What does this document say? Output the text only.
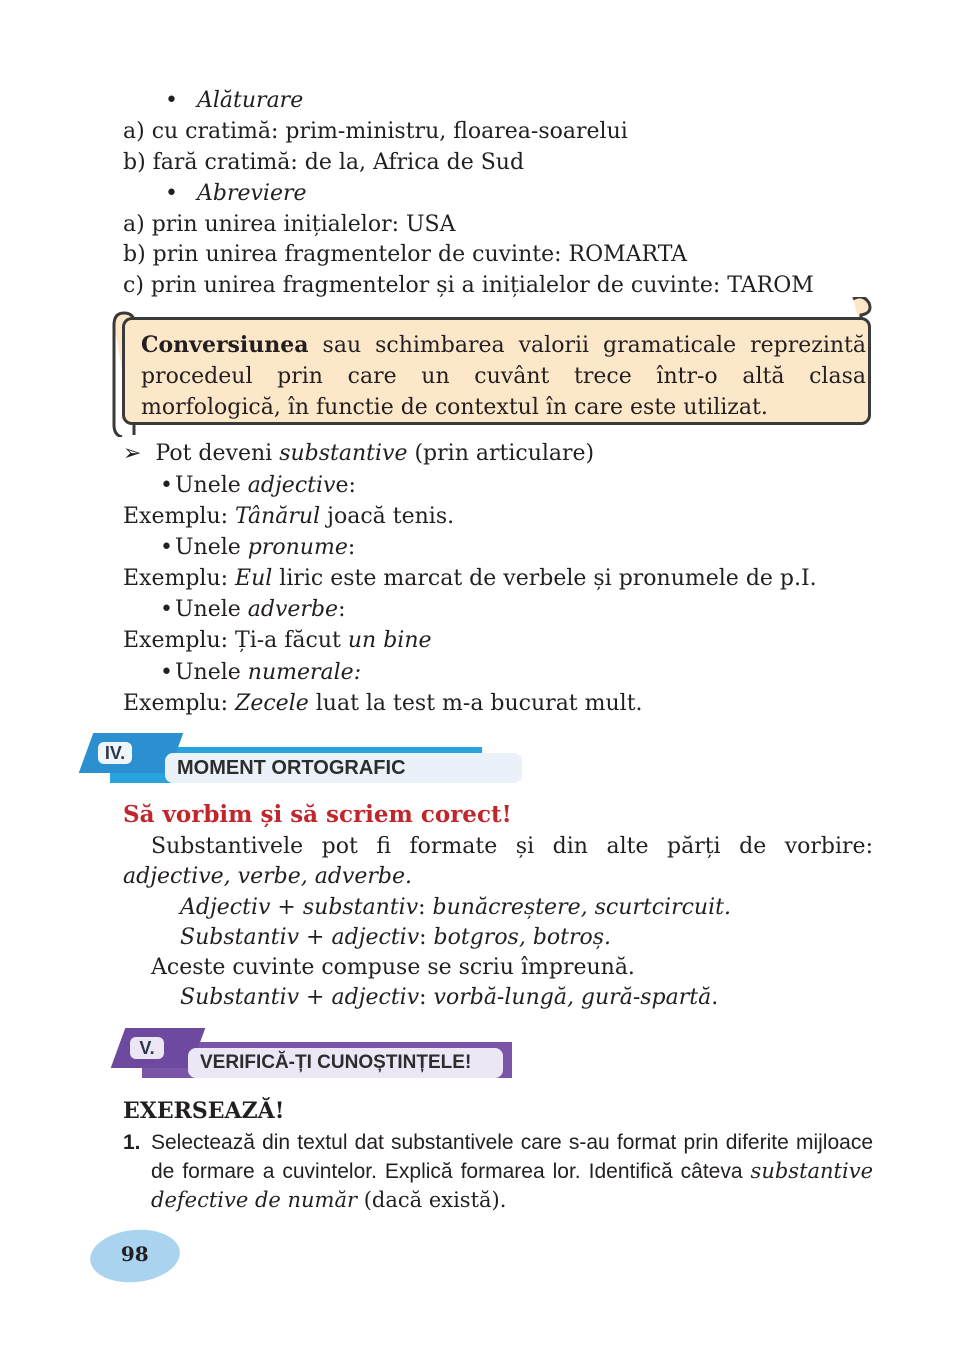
• Alăturare
a) cu cratimă: prim-ministru, floarea-soarelui
b) fară cratimă: de la, Africa de Sud
• Abreviere
a) prin unirea inițialelor: USA
b) prin unirea fragmentelor de cuvinte: ROMARTA
c) prin unirea fragmentelor și a inițialelor de cuvinte: TAROM
Conversiunea sau schimbarea valorii gramaticale reprezintă procedeul prin care un cuvânt trece într-o altă clasa morfologică, în functie de contextul în care este utilizat.
➢ Pot deveni substantive (prin articulare)
•Unele adjective:
Exemplu: Tânărul joacă tenis.
•Unele pronume:
Exemplu: Eul liric este marcat de verbele și pronumele de p.I.
•Unele adverbe:
Exemplu: Ți-a făcut un bine
•Unele numerale:
Exemplu: Zecele luat la test m-a bucurat mult.
IV.
MOMENT ORTOGRAFIC
Să vorbim și să scriem corect!
Substantivele pot fi formate și din alte părți de vorbire: adjective, verbe, adverbe.
Adjectiv + substantiv: bunăcreștere, scurtcircuit.
Substantiv + adjectiv: botgros, botroș.
Aceste cuvinte compuse se scriu împreună.
Substantiv + adjectiv: vorbă-lungă, gură-spartă.
V.
VERIFICĂ-ȚI CUNOȘTINȚELE!
EXERSEAZĂ!
1. Selectează din textul dat substantivele care s-au format prin diferite mijloace de formare a cuvintelor. Explică formarea lor. Identifică câteva substantive defective de număr (dacă există).
98
